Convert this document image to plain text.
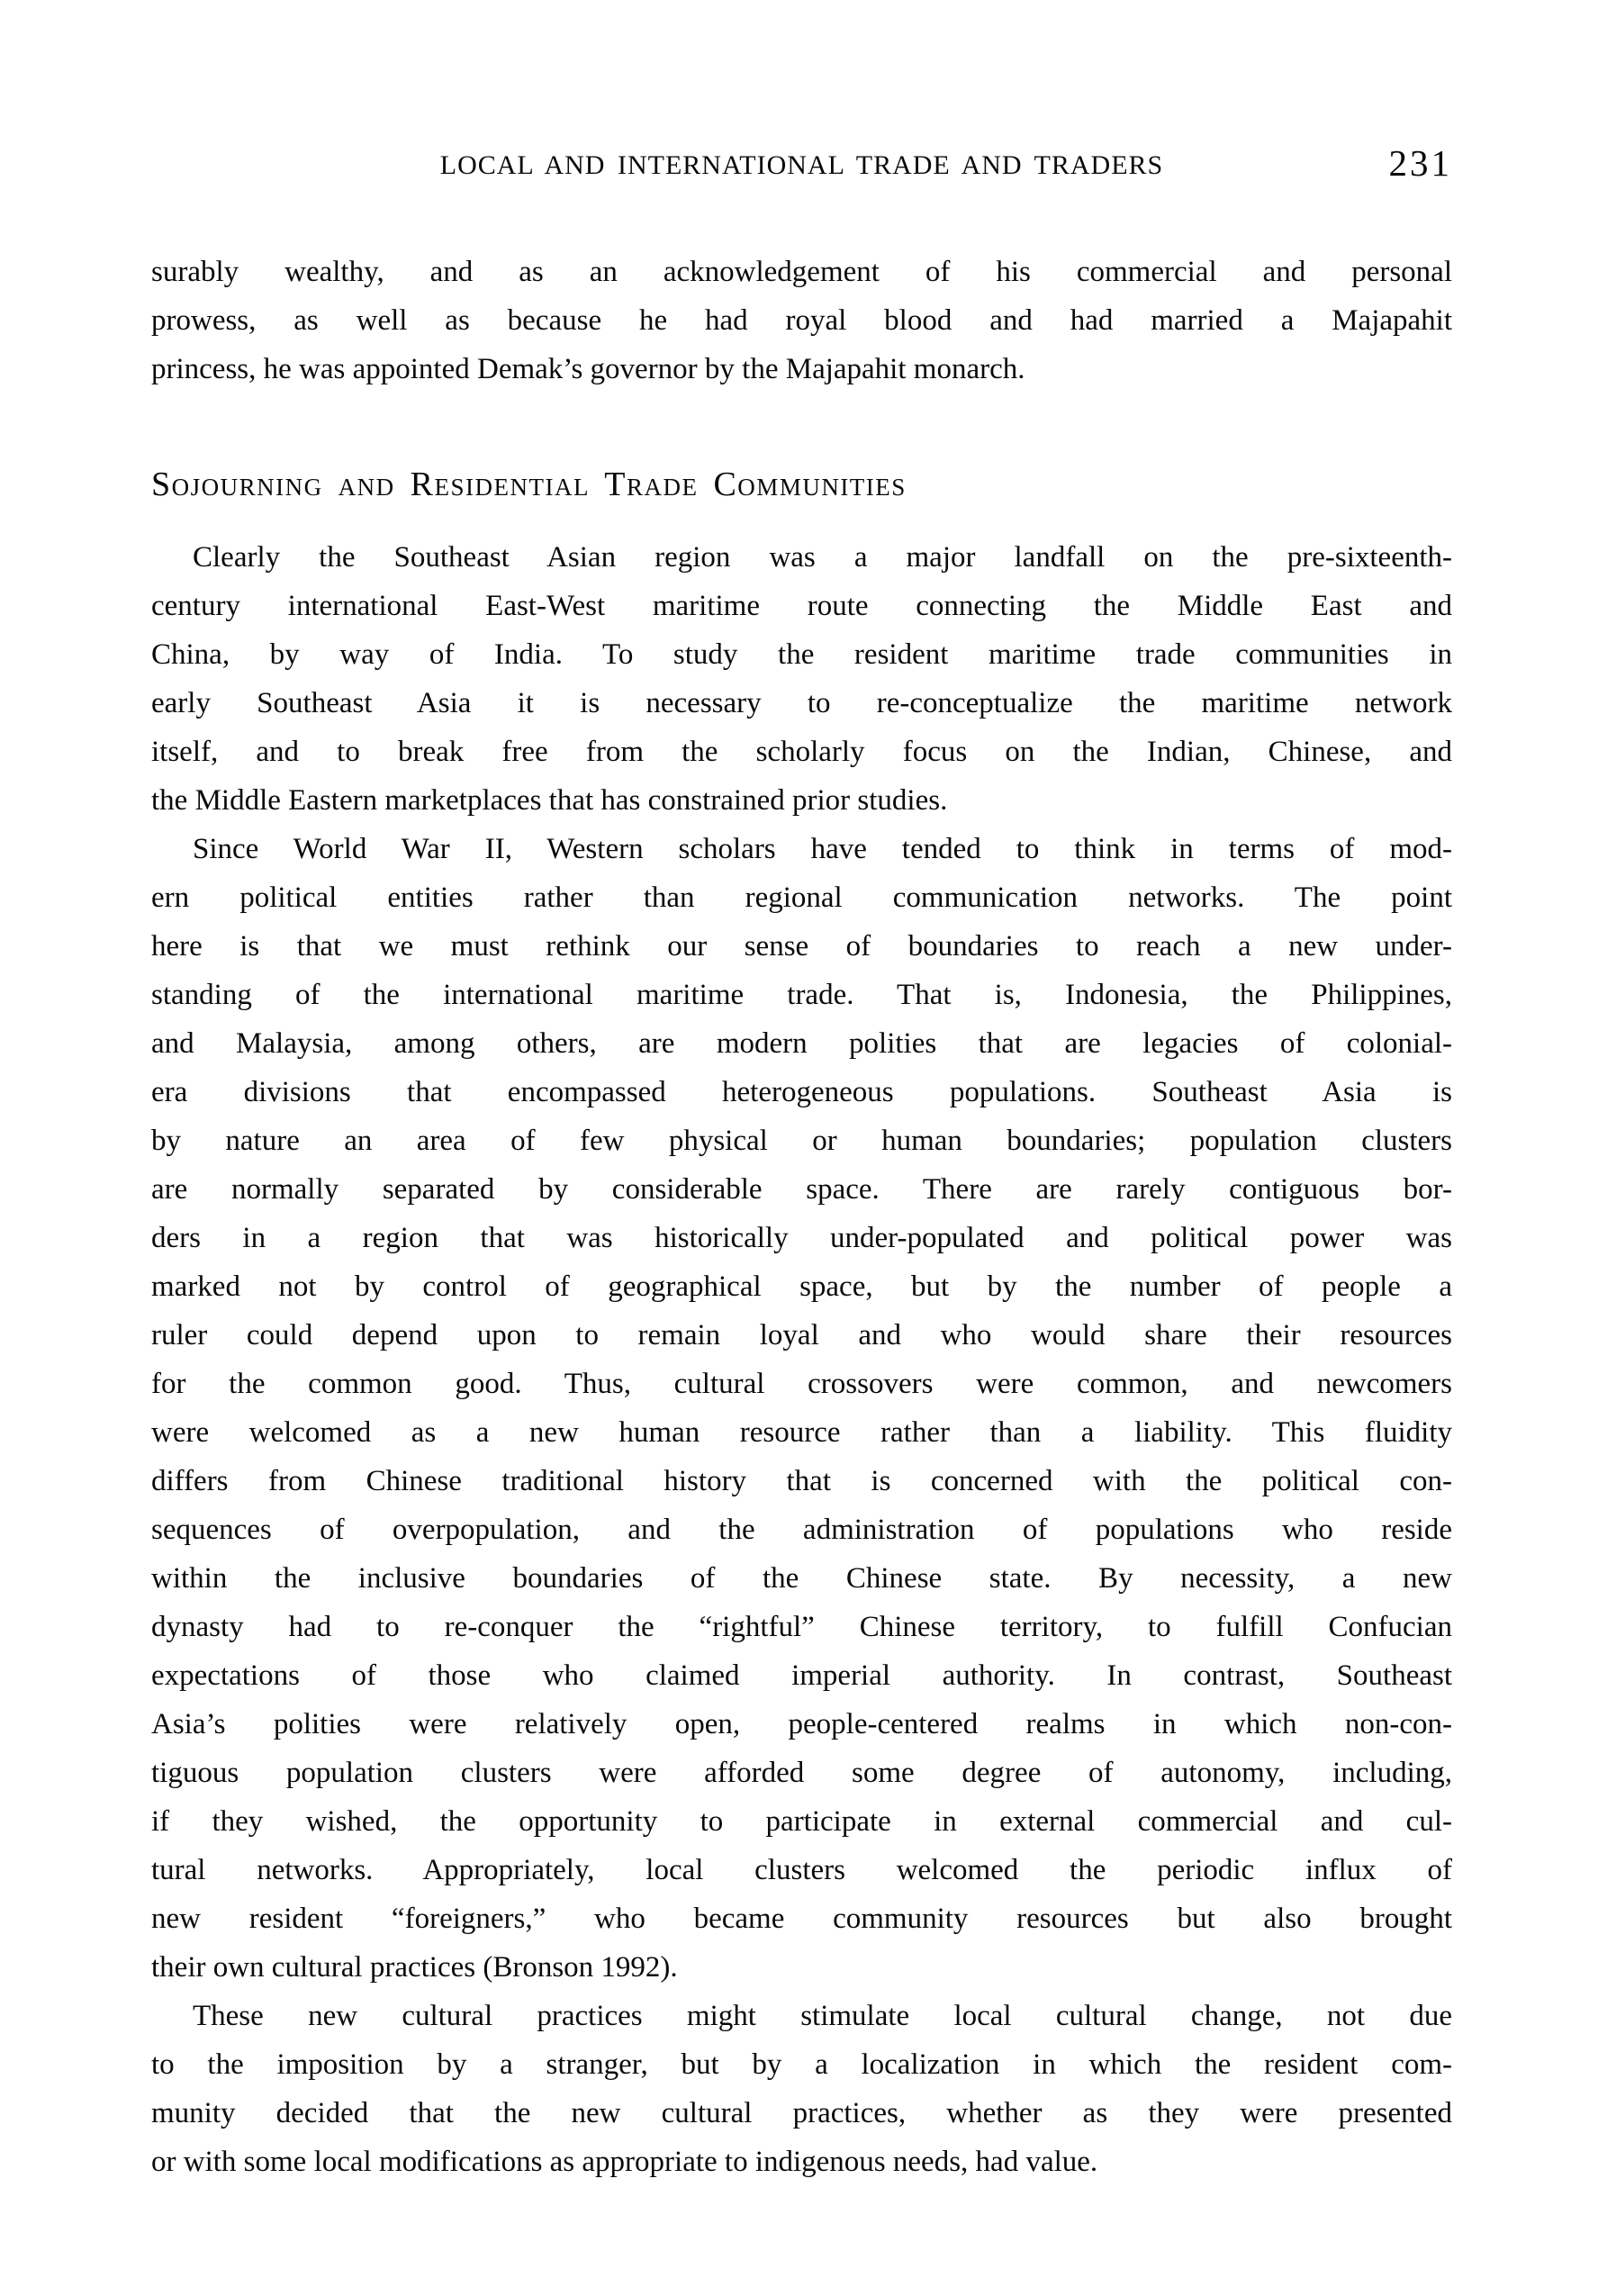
LOCAL AND INTERNATIONAL TRADE AND TRADERS	231

surably wealthy, and as an acknowledgement of his commercial and personal
prowess, as well as because he had royal blood and had married a Majapahit
princess, he was appointed Demak’s governor by the Majapahit monarch.

Sojourning and Residential Trade Communities

Clearly the Southeast Asian region was a major landfall on the pre-sixteenth-
century international East-West maritime route connecting the Middle East and
China, by way of India. To study the resident maritime trade communities in
early Southeast Asia it is necessary to re-conceptualize the maritime network
itself, and to break free from the scholarly focus on the Indian, Chinese, and
the Middle Eastern marketplaces that has constrained prior studies.

Since World War II, Western scholars have tended to think in terms of mod-
ern political entities rather than regional communication networks. The point
here is that we must rethink our sense of boundaries to reach a new under-
standing of the international maritime trade. That is, Indonesia, the Philippines,
and Malaysia, among others, are modern polities that are legacies of colonial-
era divisions that encompassed heterogeneous populations. Southeast Asia is
by nature an area of few physical or human boundaries; population clusters
are normally separated by considerable space. There are rarely contiguous bor-
ders in a region that was historically under-populated and political power was
marked not by control of geographical space, but by the number of people a
ruler could depend upon to remain loyal and who would share their resources
for the common good. Thus, cultural crossovers were common, and newcomers
were welcomed as a new human resource rather than a liability. This fluidity
differs from Chinese traditional history that is concerned with the political con-
sequences of overpopulation, and the administration of populations who reside
within the inclusive boundaries of the Chinese state. By necessity, a new
dynasty had to re-conquer the “rightful” Chinese territory, to fulfill Confucian
expectations of those who claimed imperial authority. In contrast, Southeast
Asia’s polities were relatively open, people-centered realms in which non-con-
tiguous population clusters were afforded some degree of autonomy, including,
if they wished, the opportunity to participate in external commercial and cul-
tural networks. Appropriately, local clusters welcomed the periodic influx of
new resident “foreigners,” who became community resources but also brought
their own cultural practices (Bronson 1992).

These new cultural practices might stimulate local cultural change, not due
to the imposition by a stranger, but by a localization in which the resident com-
munity decided that the new cultural practices, whether as they were presented
or with some local modifications as appropriate to indigenous needs, had value.
